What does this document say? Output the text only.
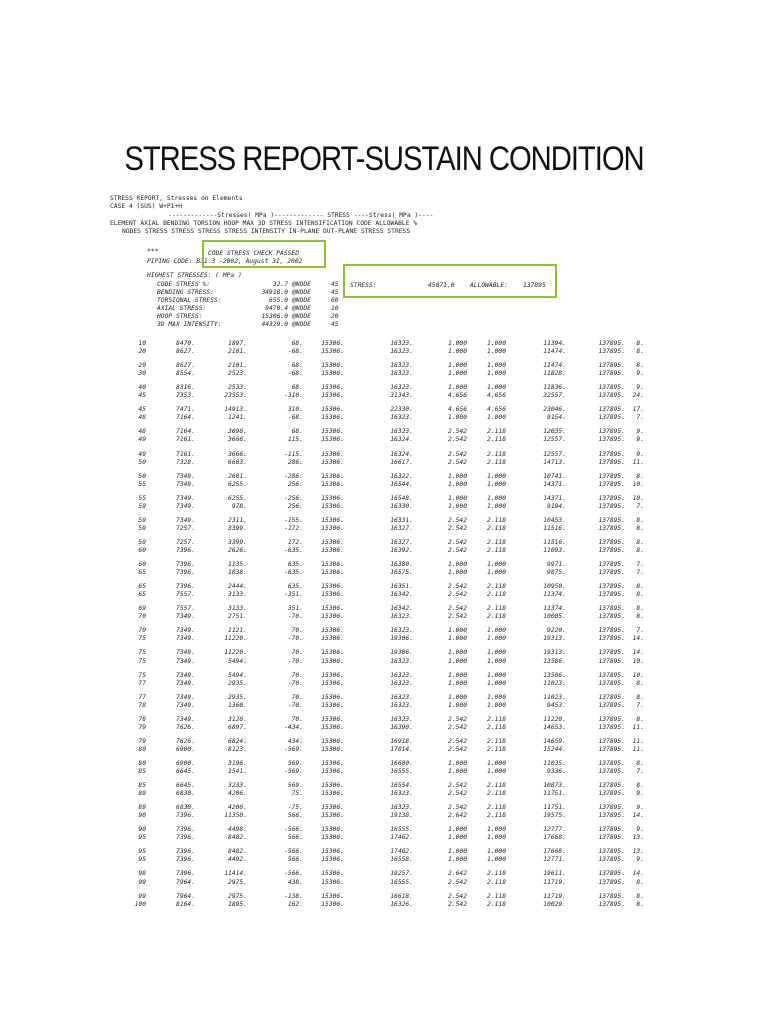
STRESS REPORT-SUSTAIN CONDITION
STRESS REPORT, Stresses on Elements
CASE 4 (SUS) W+P1+H
-------------Stresses( MPa )------------- STRESS ----Stress( MPa )----
ELEMENT AXIAL BENDING TORSION HOOP MAX 3D STRESS INTENSIFICATION CODE ALLOWABLE %
NODES STRESS STRESS STRESS STRESS INTENSITY IN-PLANE OUT-PLANE STRESS STRESS
***	CODE STRESS CHECK PASSED
PIPING CODE: B31.3 -2002, August 31, 2002
HIGHEST STRESSES: ( MPa )
CODE STRESS %:	32.7 @NODE	45
BENDING STRESS:	34918.0 @NODE	45
TORSIONAL STRESS:	655.0 @NODE	60
AXIAL STRESS:	9470.4 @NODE	10
HOOP STRESS:	15306.0 @NODE	20
3D MAX INTENSITY:	44329.0 @NODE	45
STRESS:	45071.0 ALLOWABLE: 137895
10	8470.	1897.	68.	15306.	16323.	1.000	1.000	11394.	137895.	8.
20	8627.	2101.	-68.	15306.	16323.	1.000	1.000	11474.	137895.	8.
20	8627.	2101.	68.	15306.	16323.	1.000	1.000	11474.	137895.	8.
30	8554.	2523.	-68.	15306.	16323.	1.000	1.000	11828.	137895.	9.
40	8316.	2533.	68.	15306.	16323.	1.000	1.000	11836.	137895.	9.
45	7353.	23553.	-310.	15306.	31343.	4.656	4.656	32557.	137895.	24.
45	7471.	14913.	310.	15306.	22330.	4.656	4.656	23046.	137895.	17.
48	7164.	1241.	-68.	15306.	16323.	1.000	1.000	9154.	137895.	7.
48	7164.	3096.	68.	15306.	16323.	2.542	2.118	12035.	137895.	9.
49	7161.	3666.	115.	15306.	16324.	2.542	2.118	12557.	137895.	9.
49	7161.	3666.	-115.	15306.	16324.	2.542	2.118	12557.	137895.	9.
50	7328.	6603.	286.	15306.	16617.	2.542	2.118	14713.	137895.	11.
50	7349.	2601.	-286.	15306.	16322.	1.000	1.000	10741.	137895.	8.
55	7349.	6255.	256.	15306.	16544.	1.000	1.000	14371.	137895.	10.
55	7349.	6255.	-256.	15306.	16548.	1.000	1.000	14371.	137895.	10.
59	7349.	978.	256.	15306.	16330.	1.000	1.000	9194.	137895.	7.
59	7349.	2311.	-155.	15306.	16331.	2.542	2.118	10453.	137895.	8.
59	7257.	3399.	-172.	15306.	16327.	2.542	2.118	11516.	137895.	8.
59	7257.	3399.	172.	15306.	16327.	2.542	2.118	11516.	137895.	8.
60	7396.	2626.	-635.	15306.	16392.	2.542	2.118	11093.	137895.	8.
60	7396.	1135.	635.	15306.	16380.	1.000	1.000	9971.	137895.	7.
65	7396.	1038.	-635.	15306.	16575.	1.000	1.000	9875.	137895.	7.
65	7396.	2444.	635.	15306.	16351.	2.542	2.118	10950.	137895.	8.
65	7557.	3133.	-351.	15306.	16342.	2.542	2.118	11374.	137895.	8.
69	7557.	3133.	351.	15306.	16342.	2.542	2.118	11374.	137895.	8.
70	7349.	2751.	-70.	15306.	16323.	2.542	2.118	10005.	137895.	8.
70	7349.	1121.	70.	15306.	16323.	1.000	1.000	9220.	137895.	7.
75	7349.	11220.	-70.	15306.	19306.	1.000	1.000	19313.	137895.	14.
75	7349.	11220.	70.	15306.	19306.	1.000	1.000	19313.	137895.	14.
75	7349.	5494.	-70.	15306.	16323.	1.000	1.000	13586.	137895.	10.
75	7349.	5494.	70.	15306.	16323.	1.000	1.000	13586.	137895.	10.
77	7349.	2935.	-70.	15306.	16323.	1.000	1.000	11023.	137895.	8.
77	7349.	2935.	70.	15306.	16323.	1.000	1.000	11023.	137895.	8.
78	7349.	1360.	-70.	15306.	16323.	1.000	1.000	9453.	137895.	7.
78	7349.	3126.	70.	15306.	16323.	2.542	2.118	11220.	137895.	8.
79	7626.	6897.	-434.	15306.	16390.	2.542	2.118	14653.	137895.	11.
79	7626.	6824.	434.	15306.	16918.	2.542	2.118	14659.	137895.	11.
80	6900.	8123.	-569.	15306.	17014.	2.542	2.118	15244.	137895.	11.
80	6900.	3196.	569.	15306.	16680.	1.000	1.000	11035.	137895.	8.
85	6645.	1541.	-569.	15306.	16555.	1.000	1.000	9336.	137895.	7.
85	6645.	3233.	569.	15306.	16554.	2.542	2.118	10873.	137895.	8.
89	6830.	4206.	75.	15306.	16323.	2.542	2.118	11751.	137895.	9.
89	6830.	4206.	-75.	15306.	16323.	2.542	2.118	11751.	137895.	9.
90	7396.	11350.	566.	15306.	19138.	2.642	2.118	19575.	137895.	14.
90	7396.	4498.	-566.	15306.	16555.	1.000	1.000	12777.	137895.	9.
95	7396.	8482.	566.	15306.	17462.	1.000	1.000	17668.	137895.	13.
95	7396.	8482.	-566.	15306.	17462.	1.000	1.000	17668.	137895.	13.
95	7396.	4492.	566.	15306.	16558.	1.000	1.000	12771.	137895.	9.
98	7396.	11414.	-566.	15306.	19257.	2.642	2.118	19611.	137895.	14.
99	7964.	2975.	438.	15306.	16555.	2.542	2.118	11719.	137895.	8.
99	7964.	2975.	-138.	15306.	16618.	2.542	2.118	11719.	137895.	8.
100	8164.	1895.	162.	15306.	16326.	2.542	2.118	10029.	137895.	8.
